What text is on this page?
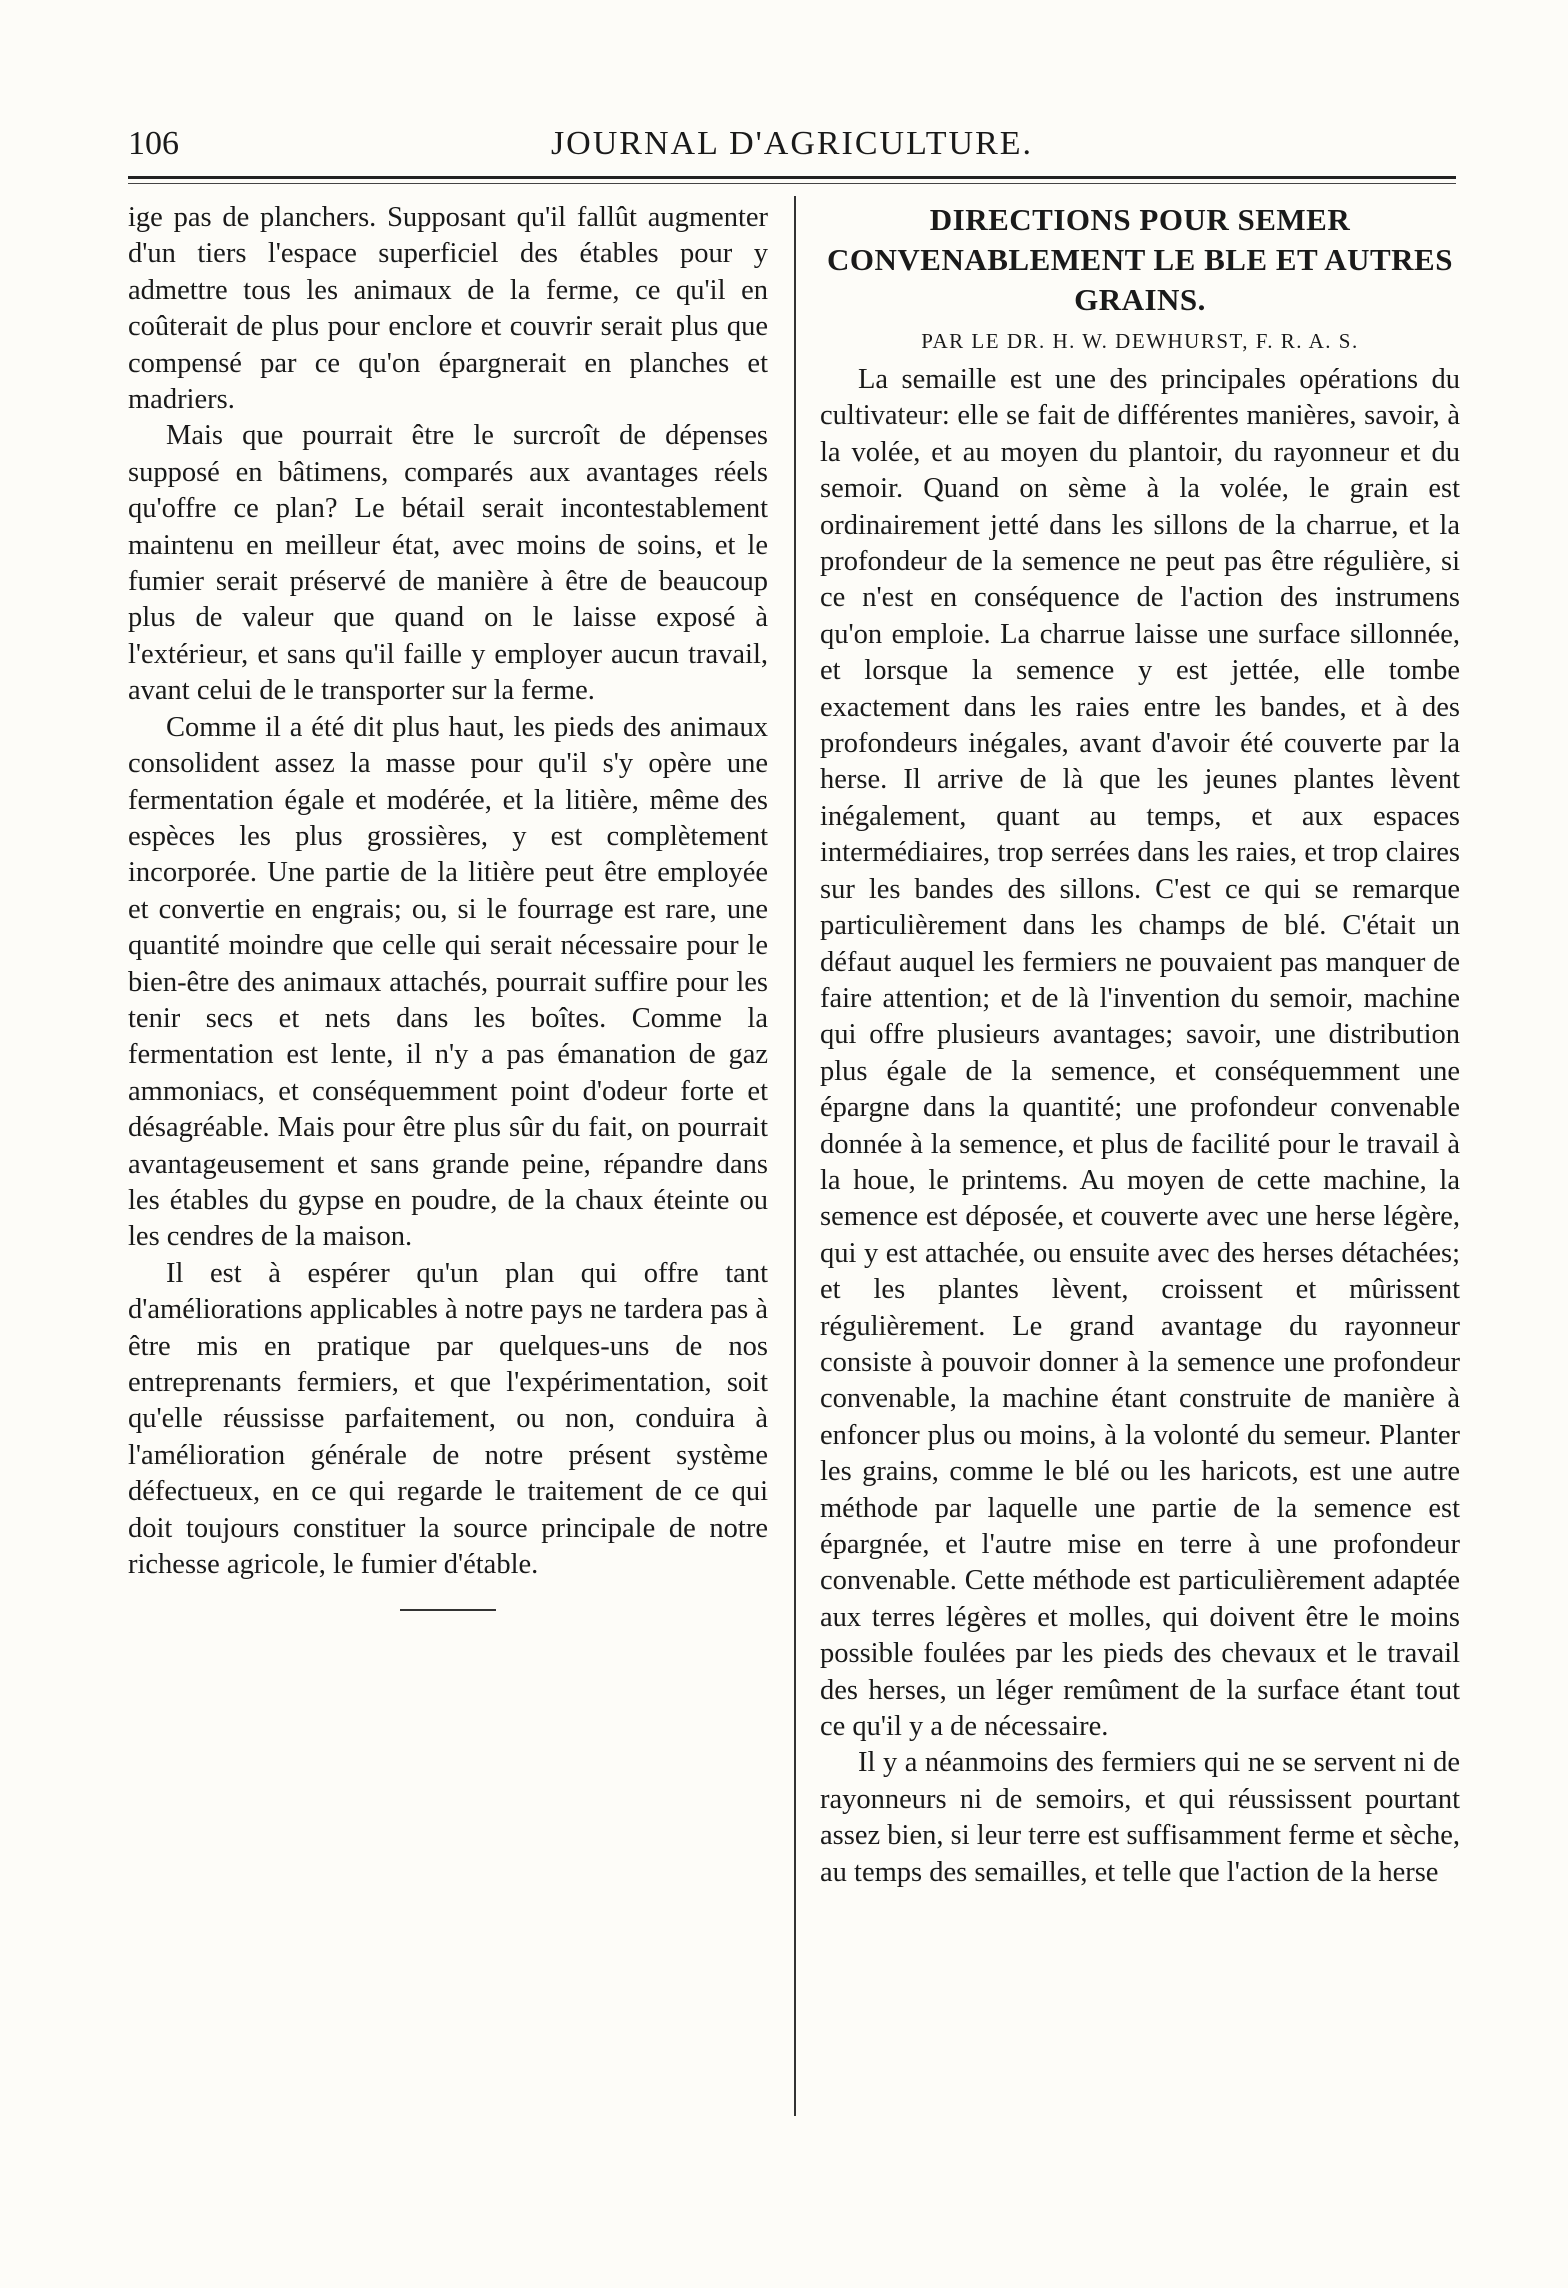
106	JOURNAL D'AGRICULTURE.

ige pas de planchers. Supposant qu'il fallût augmenter d'un tiers l'espace superficiel des étables pour y admettre tous les animaux de la ferme, ce qu'il en coûterait de plus pour enclore et couvrir serait plus que compensé par ce qu'on épargnerait en planches et madriers.

Mais que pourrait être le surcroît de dépenses supposé en bâtimens, comparés aux avantages réels qu'offre ce plan? Le bétail serait incontestablement maintenu en meilleur état, avec moins de soins, et le fumier serait préservé de manière à être de beaucoup plus de valeur que quand on le laisse exposé à l'extérieur, et sans qu'il faille y employer aucun travail, avant celui de le transporter sur la ferme.

Comme il a été dit plus haut, les pieds des animaux consolident assez la masse pour qu'il s'y opère une fermentation égale et modérée, et la litière, même des espèces les plus grossières, y est complètement incorporée. Une partie de la litière peut être employée et convertie en engrais; ou, si le fourrage est rare, une quantité moindre que celle qui serait nécessaire pour le bien-être des animaux attachés, pourrait suffire pour les tenir secs et nets dans les boîtes. Comme la fermentation est lente, il n'y a pas émanation de gaz ammoniacs, et conséquemment point d'odeur forte et désagréable. Mais pour être plus sûr du fait, on pourrait avantageusement et sans grande peine, répandre dans les étables du gypse en poudre, de la chaux éteinte ou les cendres de la maison.

Il est à espérer qu'un plan qui offre tant d'améliorations applicables à notre pays ne tardera pas à être mis en pratique par quelques-uns de nos entreprenants fermiers, et que l'expérimentation, soit qu'elle réussisse parfaitement, ou non, conduira à l'amélioration générale de notre présent système défectueux, en ce qui regarde le traitement de ce qui doit toujours constituer la source principale de notre richesse agricole, le fumier d'étable.

DIRECTIONS POUR SEMER CONVENABLEMENT LE BLE ET AUTRES GRAINS.
PAR LE DR. H. W. DEWHURST, F. R. A. S.

La semaille est une des principales opérations du cultivateur: elle se fait de différentes manières, savoir, à la volée, et au moyen du plantoir, du rayonneur et du semoir. Quand on sème à la volée, le grain est ordinairement jetté dans les sillons de la charrue, et la profondeur de la semence ne peut pas être régulière, si ce n'est en conséquence de l'action des instrumens qu'on emploie. La charrue laisse une surface sillonnée, et lorsque la semence y est jettée, elle tombe exactement dans les raies entre les bandes, et à des profondeurs inégales, avant d'avoir été couverte par la herse. Il arrive de là que les jeunes plantes lèvent inégalement, quant au temps, et aux espaces intermédiaires, trop serrées dans les raies, et trop claires sur les bandes des sillons. C'est ce qui se remarque particulièrement dans les champs de blé. C'était un défaut auquel les fermiers ne pouvaient pas manquer de faire attention; et de là l'invention du semoir, machine qui offre plusieurs avantages; savoir, une distribution plus égale de la semence, et conséquemment une épargne dans la quantité; une profondeur convenable donnée à la semence, et plus de facilité pour le travail à la houe, le printems. Au moyen de cette machine, la semence est déposée, et couverte avec une herse légère, qui y est attachée, ou ensuite avec des herses détachées; et les plantes lèvent, croissent et mûrissent régulièrement. Le grand avantage du rayonneur consiste à pouvoir donner à la semence une profondeur convenable, la machine étant construite de manière à enfoncer plus ou moins, à la volonté du semeur. Planter les grains, comme le blé ou les haricots, est une autre méthode par laquelle une partie de la semence est épargnée, et l'autre mise en terre à une profondeur convenable. Cette méthode est particulièrement adaptée aux terres légères et molles, qui doivent être le moins possible foulées par les pieds des chevaux et le travail des herses, un léger remûment de la surface étant tout ce qu'il y a de nécessaire.

Il y a néanmoins des fermiers qui ne se servent ni de rayonneurs ni de semoirs, et qui réussissent pourtant assez bien, si leur terre est suffisamment ferme et sèche, au temps des semailles, et telle que l'action de la herse
